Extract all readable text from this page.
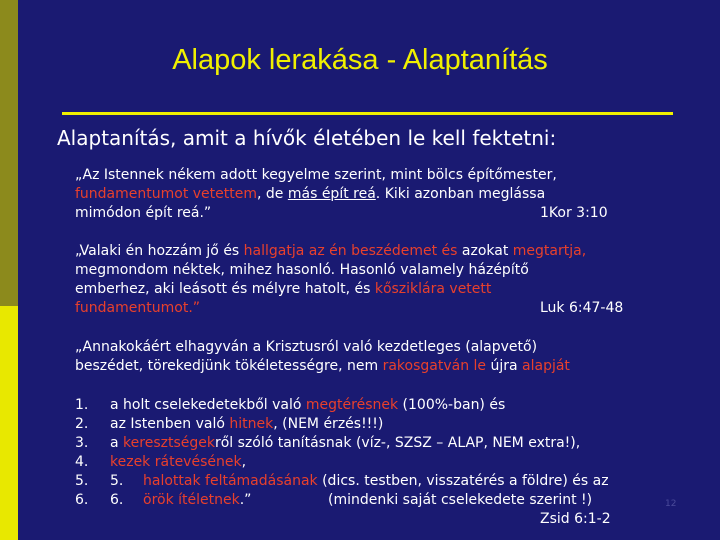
Alapok lerakása - Alaptanítás
Alaptanítás, amit a hívők életében le kell fektetni:
„Az Istennek nékem adott kegyelme szerint, mint bölcs építőmester,
fundamentumot vetettem, de más épít reá. Kiki azonban meglássa
mimódon épít reá.”	1Kor 3:10
„Valaki én hozzám jő és hallgatja az én beszédemet és azokat megtartja,
megmondom néktek, mihez hasonló. Hasonló valamely házépítő
emberhez, aki leásott és mélyre hatolt, és kősziklára vetett
fundamentumot.”	Luk 6:47-48
„Annakokáért elhagyván a Krisztusról való kezdetleges (alapvető)
beszédet, törekedjünk tökéletességre, nem rakosgatván le újra alapját
1. a holt cselekedetekből való megtérésnek (100%-ban) és
2. az Istenben való hitnek, (NEM érzés!!!)
3. a keresztségekről szóló tanításnak (víz-, SZSZ – ALAP, NEM extra!),
4. kezek rátevésének,
5. 5. halottak feltámadásának (dics. testben, visszatérés a földre) és az
6. 6. örök ítéletnek.”	(mindenki saját cselekedete szerint !)
Zsid 6:1-2
12
